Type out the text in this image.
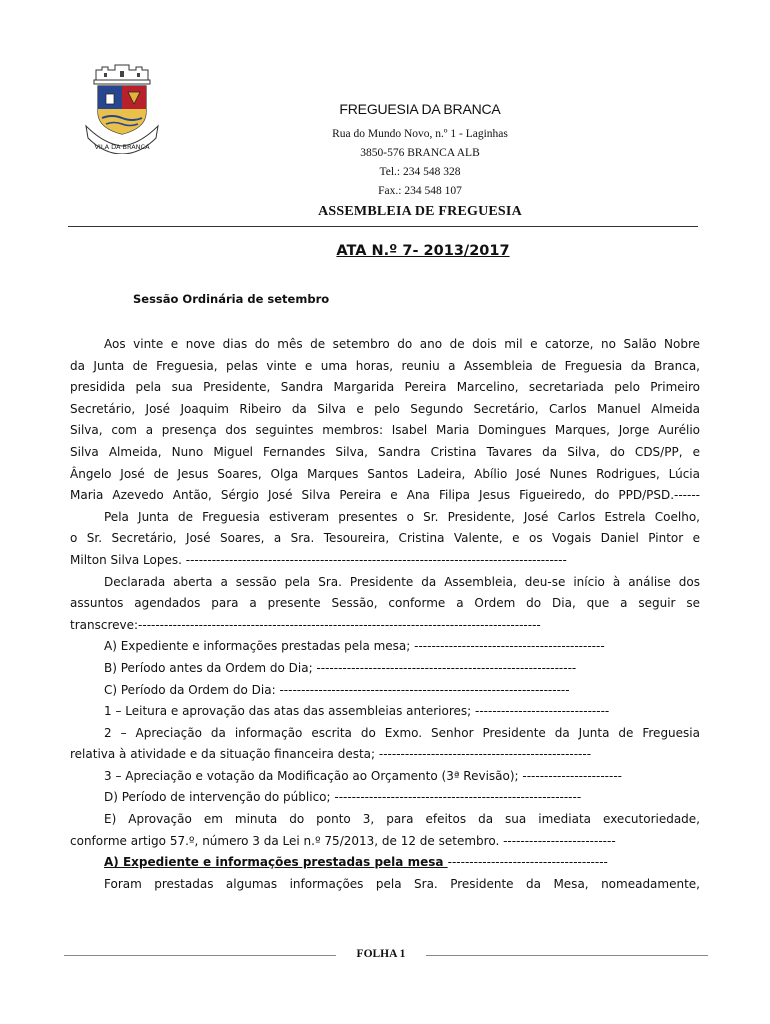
VILA DA BRANCA
FREGUESIA DA BRANCA
Rua do Mundo Novo, n.º 1 - Laginhas
3850-576 BRANCA ALB
Tel.: 234 548 328
Fax.: 234 548 107
ASSEMBLEIA DE FREGUESIA
ATA N.º 7- 2013/2017
Sessão Ordinária de setembro
Aos vinte e nove dias do mês de setembro do ano de dois mil e catorze, no Salão Nobre
da Junta de Freguesia, pelas vinte e uma horas, reuniu a Assembleia de Freguesia da Branca,
presidida pela sua Presidente, Sandra Margarida Pereira Marcelino, secretariada pelo Primeiro
Secretário, José Joaquim Ribeiro da Silva e pelo Segundo Secretário, Carlos Manuel Almeida
Silva, com a presença dos seguintes membros: Isabel Maria Domingues Marques, Jorge Aurélio
Silva Almeida, Nuno Miguel Fernandes Silva, Sandra Cristina Tavares da Silva, do CDS/PP, e
Ângelo José de Jesus Soares, Olga Marques Santos Ladeira, Abílio José Nunes Rodrigues, Lúcia
Maria Azevedo Antão, Sérgio José Silva Pereira e Ana Filipa Jesus Figueiredo, do PPD/PSD.------
Pela Junta de Freguesia estiveram presentes o Sr. Presidente, José Carlos Estrela Coelho,
o Sr. Secretário, José Soares, a Sra. Tesoureira, Cristina Valente, e os Vogais Daniel Pintor e
Milton Silva Lopes. ----------------------------------------------------------------------------------------
Declarada aberta a sessão pela Sra. Presidente da Assembleia, deu-se início à análise dos
assuntos agendados para a presente Sessão, conforme a Ordem do Dia, que a seguir se
transcreve:---------------------------------------------------------------------------------------------
A) Expediente e informações prestadas pela mesa; --------------------------------------------
B) Período antes da Ordem do Dia; ------------------------------------------------------------
C) Período da Ordem do Dia: -------------------------------------------------------------------
1 – Leitura e aprovação das atas das assembleias anteriores; -------------------------------
2 – Apreciação da informação escrita do Exmo. Senhor Presidente da Junta de Freguesia
relativa à atividade e da situação financeira desta; -------------------------------------------------
3 – Apreciação e votação da Modificação ao Orçamento (3ª Revisão); -----------------------
D) Período de intervenção do público; ---------------------------------------------------------
E) Aprovação em minuta do ponto 3, para efeitos da sua imediata executoriedade,
conforme artigo 57.º, número 3 da Lei n.º 75/2013, de 12 de setembro. --------------------------
A) Expediente e informações prestadas pela mesa -------------------------------------
Foram prestadas algumas informações pela Sra. Presidente da Mesa, nomeadamente,
FOLHA 1
